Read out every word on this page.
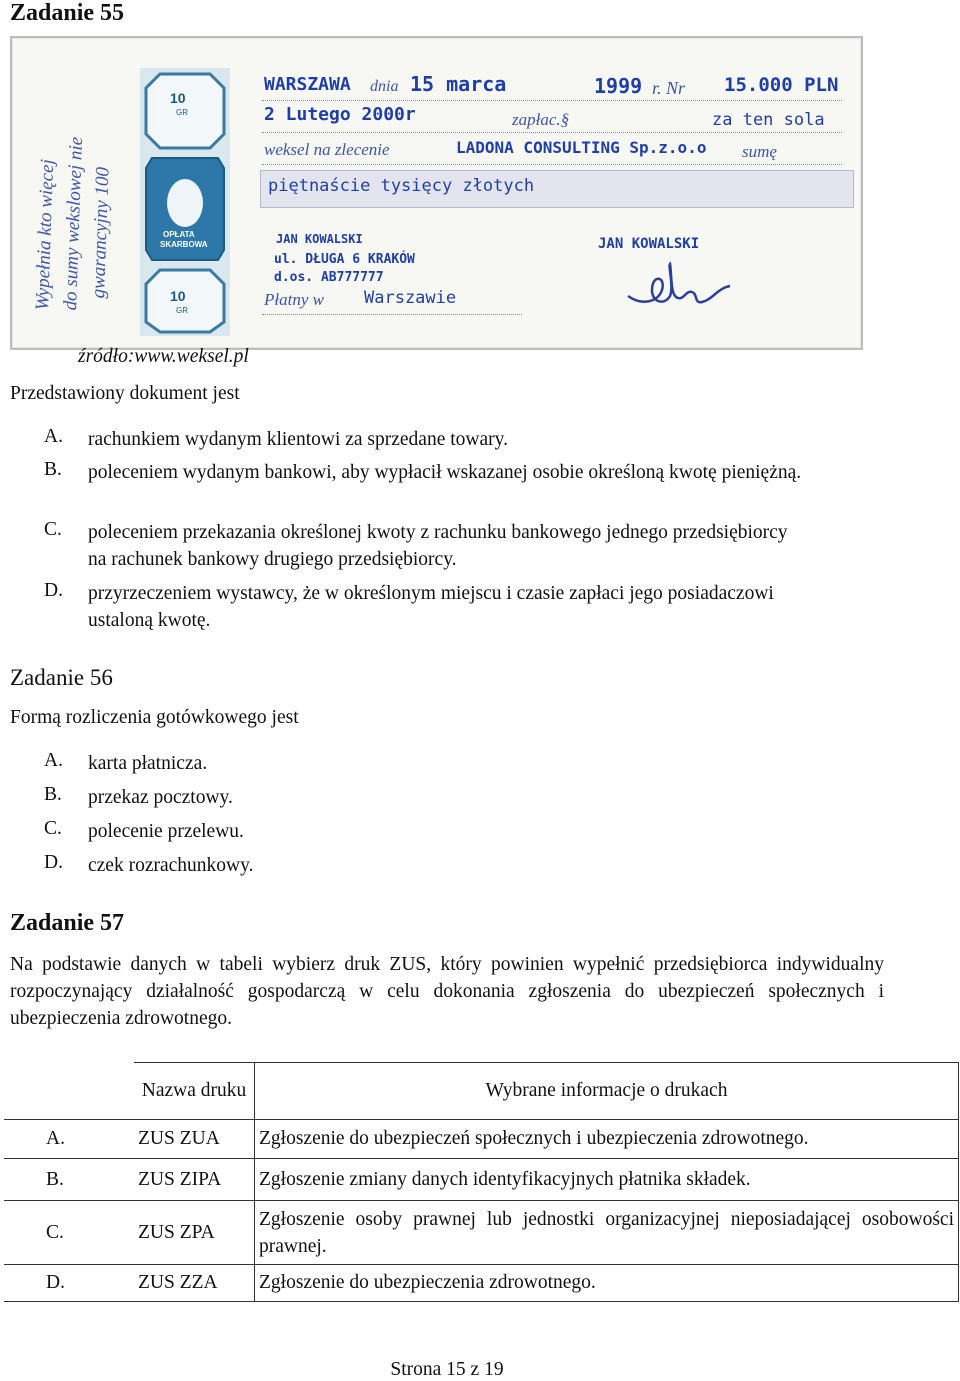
Zadanie 55
Wypełnia kto więcej do sumy wekslowej nie gwarancyjny 100
10
GR
OPŁATA
SKARBOWA
10
GR
WARSZAWA dnia 15 marca	1999 r. Nr 15.000 PLN
2 Lutego 2000r	zapłac.§	za ten sola
weksel na zlecenie	LADONA CONSULTING Sp.z.o.o sumę
piętnaście tysięcy złotych
JAN KOWALSKI
ul. DŁUGA 6 KRAKÓW
d.os. AB777777
JAN KOWALSKI
Płatny w Warszawie
źródło:www.weksel.pl
Przedstawiony dokument jest
A. rachunkiem wydanym klientowi za sprzedane towary.
B. poleceniem wydanym bankowi, aby wypłacił wskazanej osobie określoną kwotę pieniężną.
C. poleceniem przekazania określonej kwoty z rachunku bankowego jednego przedsiębiorcy na rachunek bankowy drugiego przedsiębiorcy.
D. przyrzeczeniem wystawcy, że w określonym miejscu i czasie zapłaci jego posiadaczowi ustaloną kwotę.
Zadanie 56
Formą rozliczenia gotówkowego jest
A. karta płatnicza.
B. przekaz pocztowy.
C. polecenie przelewu.
D. czek rozrachunkowy.
Zadanie 57
Na podstawie danych w tabeli wybierz druk ZUS, który powinien wypełnić przedsiębiorca indywidualny rozpoczynający działalność gospodarczą w celu dokonania zgłoszenia do ubezpieczeń społecznych i ubezpieczenia zdrowotnego.
	Nazwa druku	Wybrane informacje o drukach
A.	ZUS ZUA	Zgłoszenie do ubezpieczeń społecznych i ubezpieczenia zdrowotnego.
B.	ZUS ZIPA	Zgłoszenie zmiany danych identyfikacyjnych płatnika składek.
C.	ZUS ZPA	Zgłoszenie osoby prawnej lub jednostki organizacyjnej nieposiadającej osobowości prawnej.
D.	ZUS ZZA	Zgłoszenie do ubezpieczenia zdrowotnego.
Strona 15 z 19
